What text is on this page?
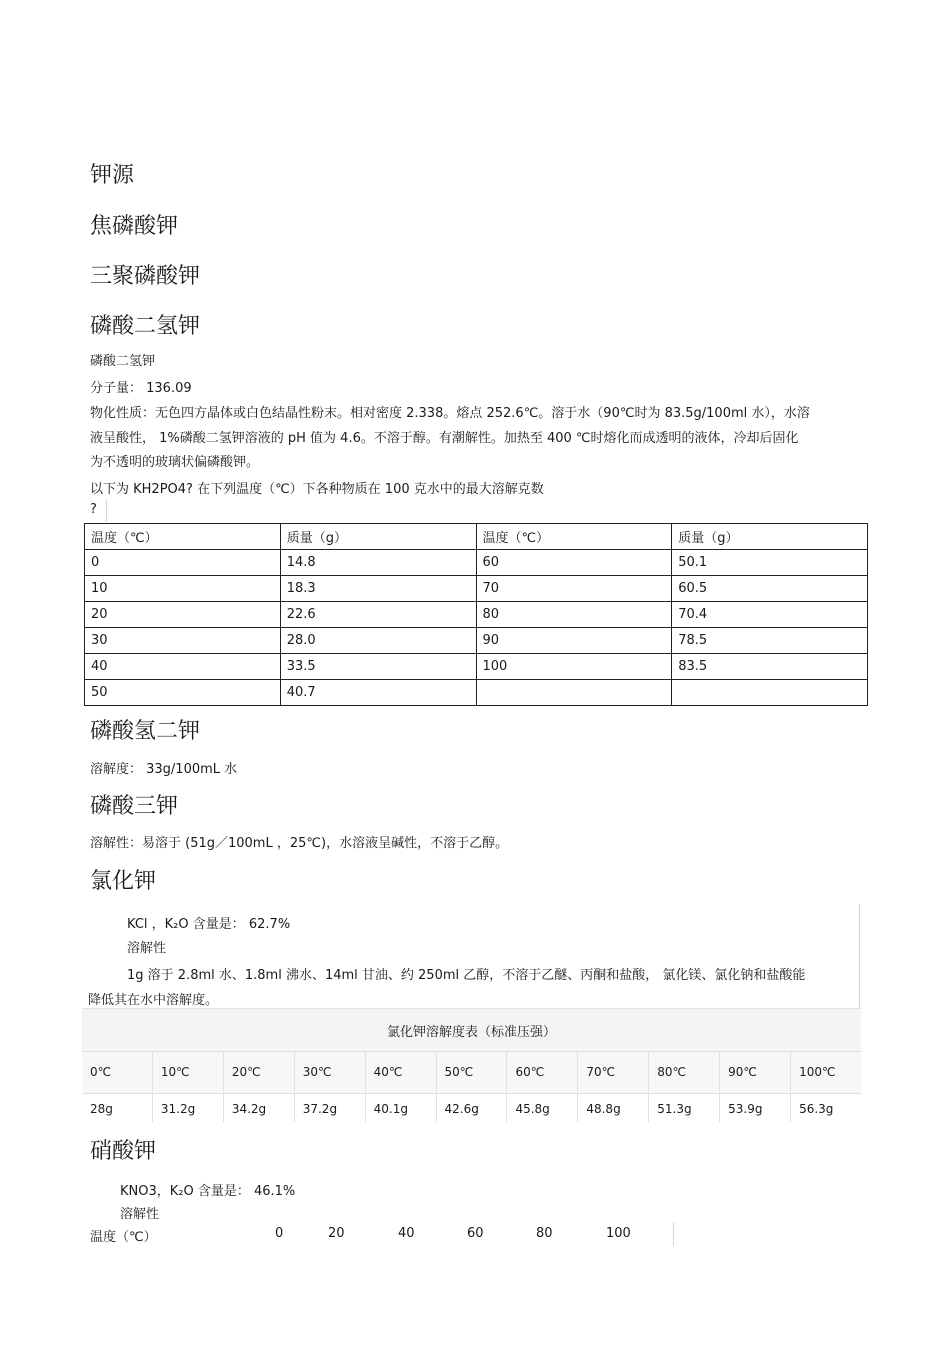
钾源
焦磷酸钾
三聚磷酸钾
磷酸二氢钾
磷酸二氢钾
分子量： 136.09
物化性质：无色四方晶体或白色结晶性粉末。相对密度 2.338。熔点 252.6℃。溶于水（90℃时为 83.5g/100ml 水），水溶
液呈酸性， 1%磷酸二氢钾溶液的 pH 值为 4.6。不溶于醇。有潮解性。加热至 400 ℃时熔化而成透明的液体，冷却后固化
为不透明的玻璃状偏磷酸钾。
以下为 KH2PO4? 在下列温度（℃）下各种物质在 100 克水中的最大溶解克数
?
温度（℃）	质量（g）	温度（℃）	质量（g）
0	14.8	60	50.1
10	18.3	70	60.5
20	22.6	80	70.4
30	28.0	90	78.5
40	33.5	100	83.5
50	40.7		
磷酸氢二钾
溶解度： 33g/100mL 水
磷酸三钾
溶解性：易溶于 (51g／100mL ，25℃)，水溶液呈碱性，不溶于乙醇。
氯化钾
KCl ，K₂O 含量是： 62.7%
溶解性
1g 溶于 2.8ml 水、1.8ml 沸水、14ml 甘油、约 250ml 乙醇，不溶于乙醚、丙酮和盐酸， 氯化镁、氯化钠和盐酸能
降低其在水中溶解度。
氯化钾溶解度表（标准压强）
0℃	10℃	20℃	30℃	40℃	50℃	60℃	70℃	80℃	90℃	100℃
28g	31.2g	34.2g	37.2g	40.1g	42.6g	45.8g	48.8g	51.3g	53.9g	56.3g
硝酸钾
KNO3，K₂O 含量是： 46.1%
溶解性
温度（℃）	0	20	40	60	80	100
